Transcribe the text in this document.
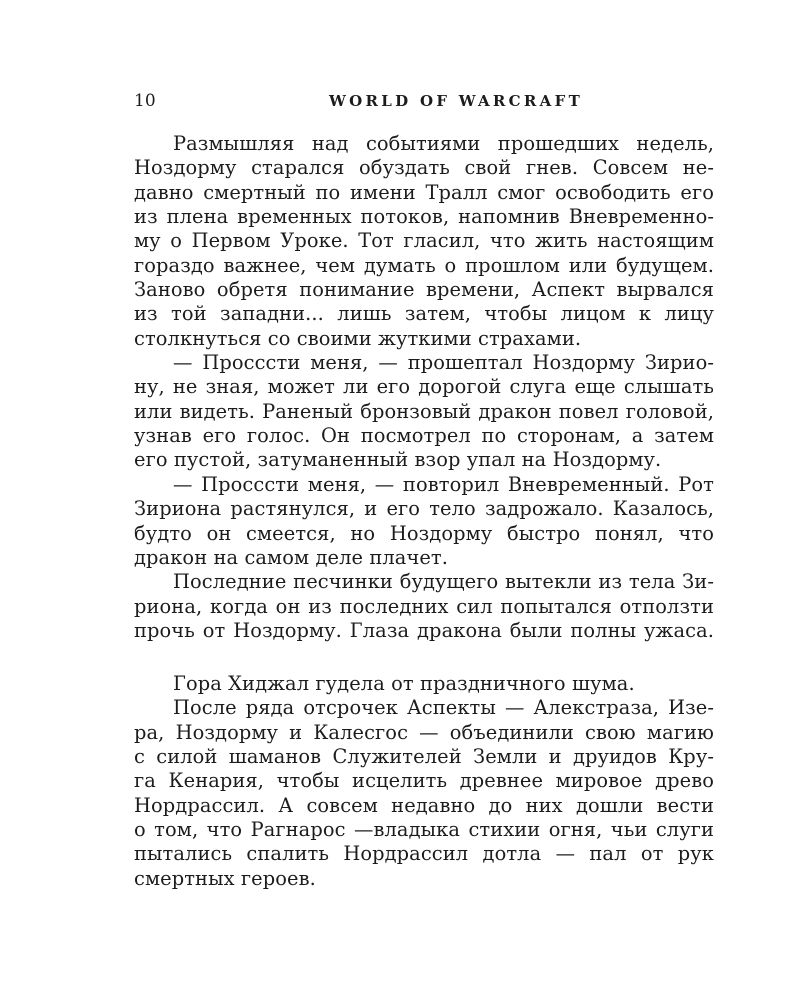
10	WORLD OF WARCRAFT
Размышляя над событиями прошедших недель,
Ноздорму старался обуздать свой гнев. Совсем не-
давно смертный по имени Тралл смог освободить его
из плена временных потоков, напомнив Вневременно-
му о Первом Уроке. Тот гласил, что жить настоящим
гораздо важнее, чем думать о прошлом или будущем.
Заново обретя понимание времени, Аспект вырвался
из той западни... лишь затем, чтобы лицом к лицу
столкнуться со своими жуткими страхами.
— Проссcти меня, — прошептал Ноздорму Зирио-
ну, не зная, может ли его дорогой слуга еще слышать
или видеть. Раненый бронзовый дракон повел головой,
узнав его голос. Он посмотрел по сторонам, а затем
его пустой, затуманенный взор упал на Ноздорму.
— Проссcти меня, — повторил Вневременный. Рот
Зириона растянулся, и его тело задрожало. Казалось,
будто он смеется, но Ноздорму быстро понял, что
дракон на самом деле плачет.
Последние песчинки будущего вытекли из тела Зи-
риона, когда он из последних сил попытался отползти
прочь от Ноздорму. Глаза дракона были полны ужаса.
Гора Хиджал гудела от праздничного шума.
После ряда отсрочек Аспекты — Алекстраза, Изе-
ра, Ноздорму и Калесгос — объединили свою магию
с силой шаманов Служителей Земли и друидов Кру-
га Кенария, чтобы исцелить древнее мировое древо
Нордрассил. А совсем недавно до них дошли вести
о том, что Рагнарос —владыка стихии огня, чьи слуги
пытались спалить Нордрассил дотла — пал от рук
смертных героев.
